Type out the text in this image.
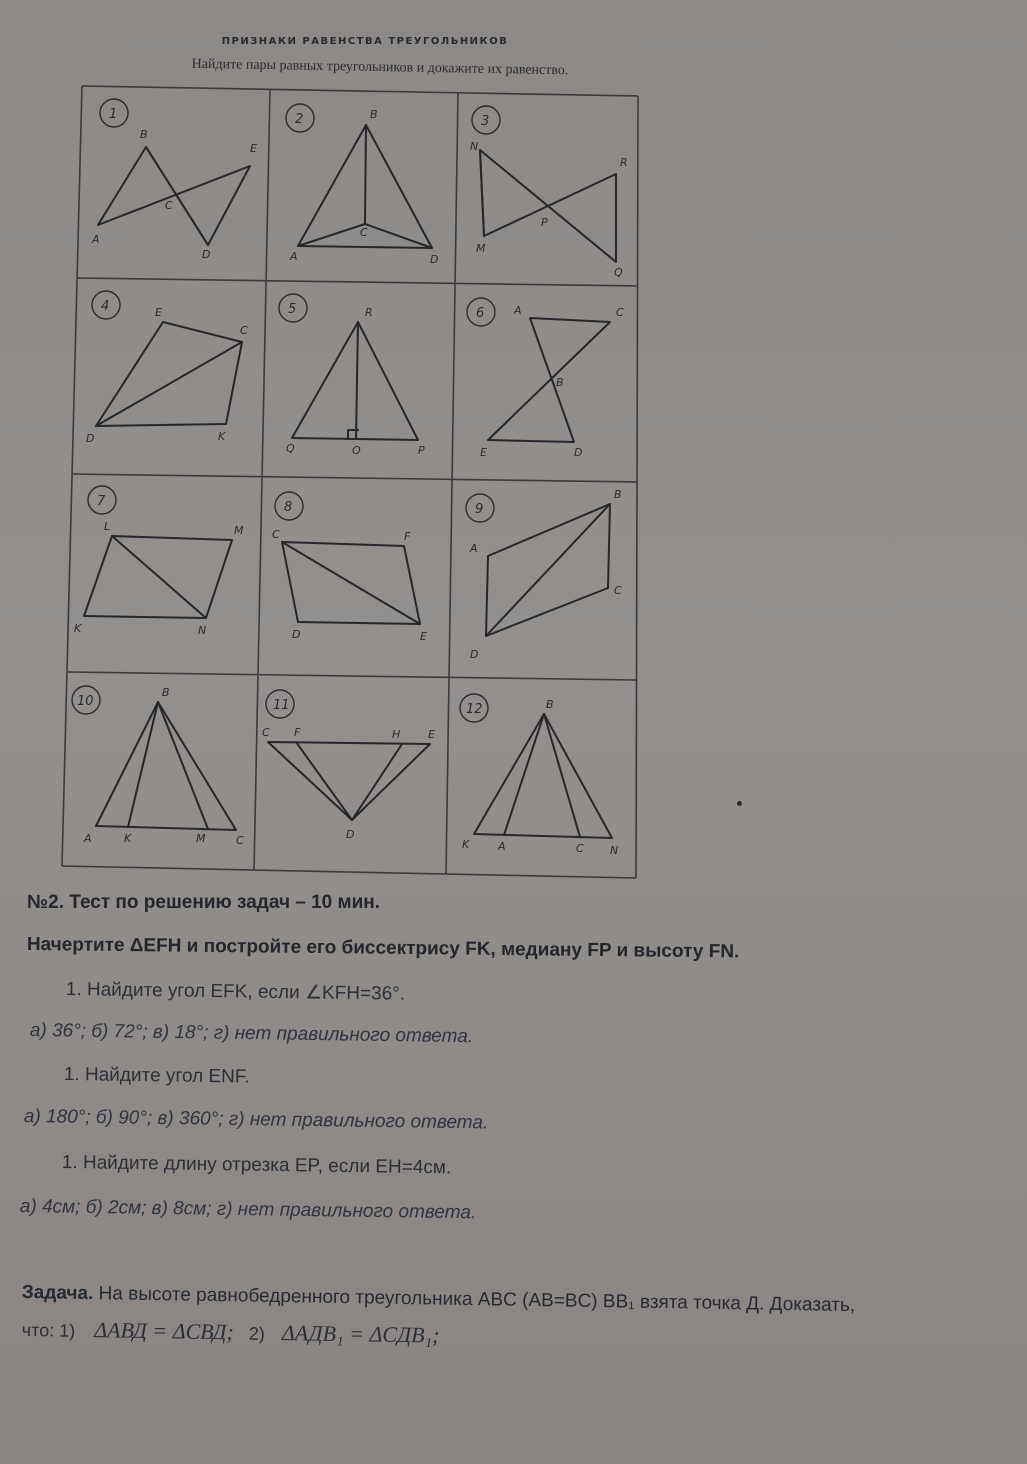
ПРИЗНАКИ РАВЕНСТВА ТРЕУГОЛЬНИКОВ
Найдите пары равных треугольников и докажите их равенство.
1
B
E
C
A
D
2	B
C
A	D
3
N
R
P
M
Q
4	E
C
D	K
5	R
Q	O	P
6	A	C
B
E	D
7
L	M
K	N
8
C	F
D	E
9
B
A
C
D
10
B
A	K	M	C
11
C F	H	E
D
12	B
K	A	C N
№2. Тест по решению задач – 10 мин.
Начертите ΔEFH и постройте его биссектрису FK, медиану FP и высоту FN.
1. Найдите угол EFK, если ∠KFH=36°.
а) 36°; б) 72°; в) 18°; г) нет правильного ответа.
1. Найдите угол ENF.
а) 180°; б) 90°; в) 360°; г) нет правильного ответа.
1. Найдите длину отрезка EP, если EH=4см.
а) 4см; б) 2см; в) 8см; г) нет правильного ответа.
Задача. На высоте равнобедренного треугольника ABC (AB=BC) BB₁ взята точка Д. Доказать,
что: 1) ΔАВД = ΔСВД; 2) ΔАДВ₁ = ΔСДВ₁;
